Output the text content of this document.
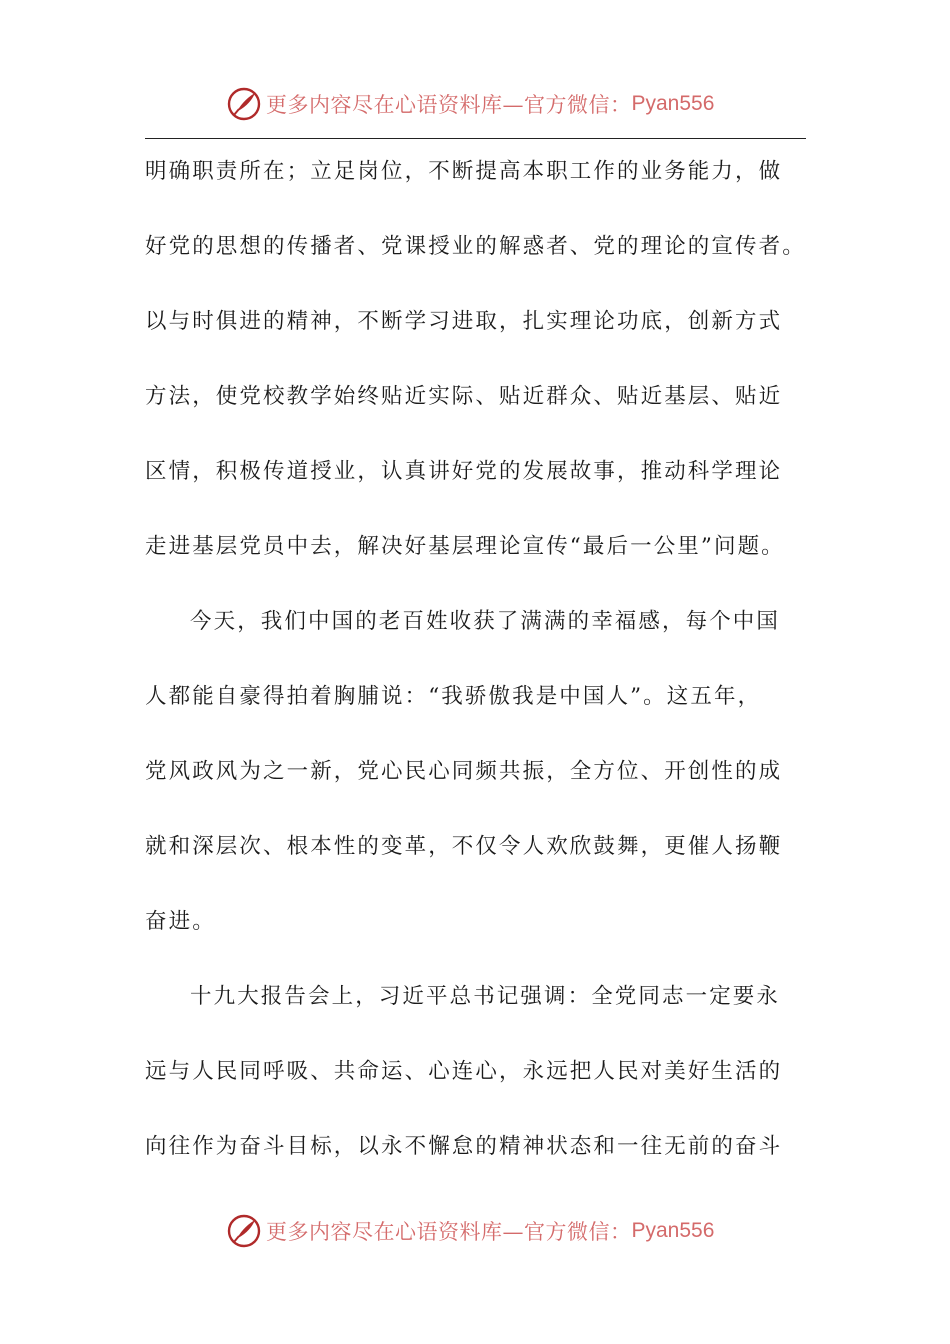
更多内容尽在心语资料库—官方微信： Pyan556
明确职责所在；立足岗位，不断提高本职工作的业务能力，做
好党的思想的传播者、党课授业的解惑者、党的理论的宣传者。
以与时俱进的精神，不断学习进取，扎实理论功底，创新方式
方法，使党校教学始终贴近实际、贴近群众、贴近基层、贴近
区情，积极传道授业，认真讲好党的发展故事，推动科学理论
走进基层党员中去，解决好基层理论宣传“最后一公里”问题。
今天，我们中国的老百姓收获了满满的幸福感，每个中国
人都能自豪得拍着胸脯说：“我骄傲我是中国人”。这五年，
党风政风为之一新，党心民心同频共振，全方位、开创性的成
就和深层次、根本性的变革，不仅令人欢欣鼓舞，更催人扬鞭
奋进。
十九大报告会上，习近平总书记强调：全党同志一定要永
远与人民同呼吸、共命运、心连心，永远把人民对美好生活的
向往作为奋斗目标，以永不懈怠的精神状态和一往无前的奋斗
更多内容尽在心语资料库—官方微信： Pyan556
